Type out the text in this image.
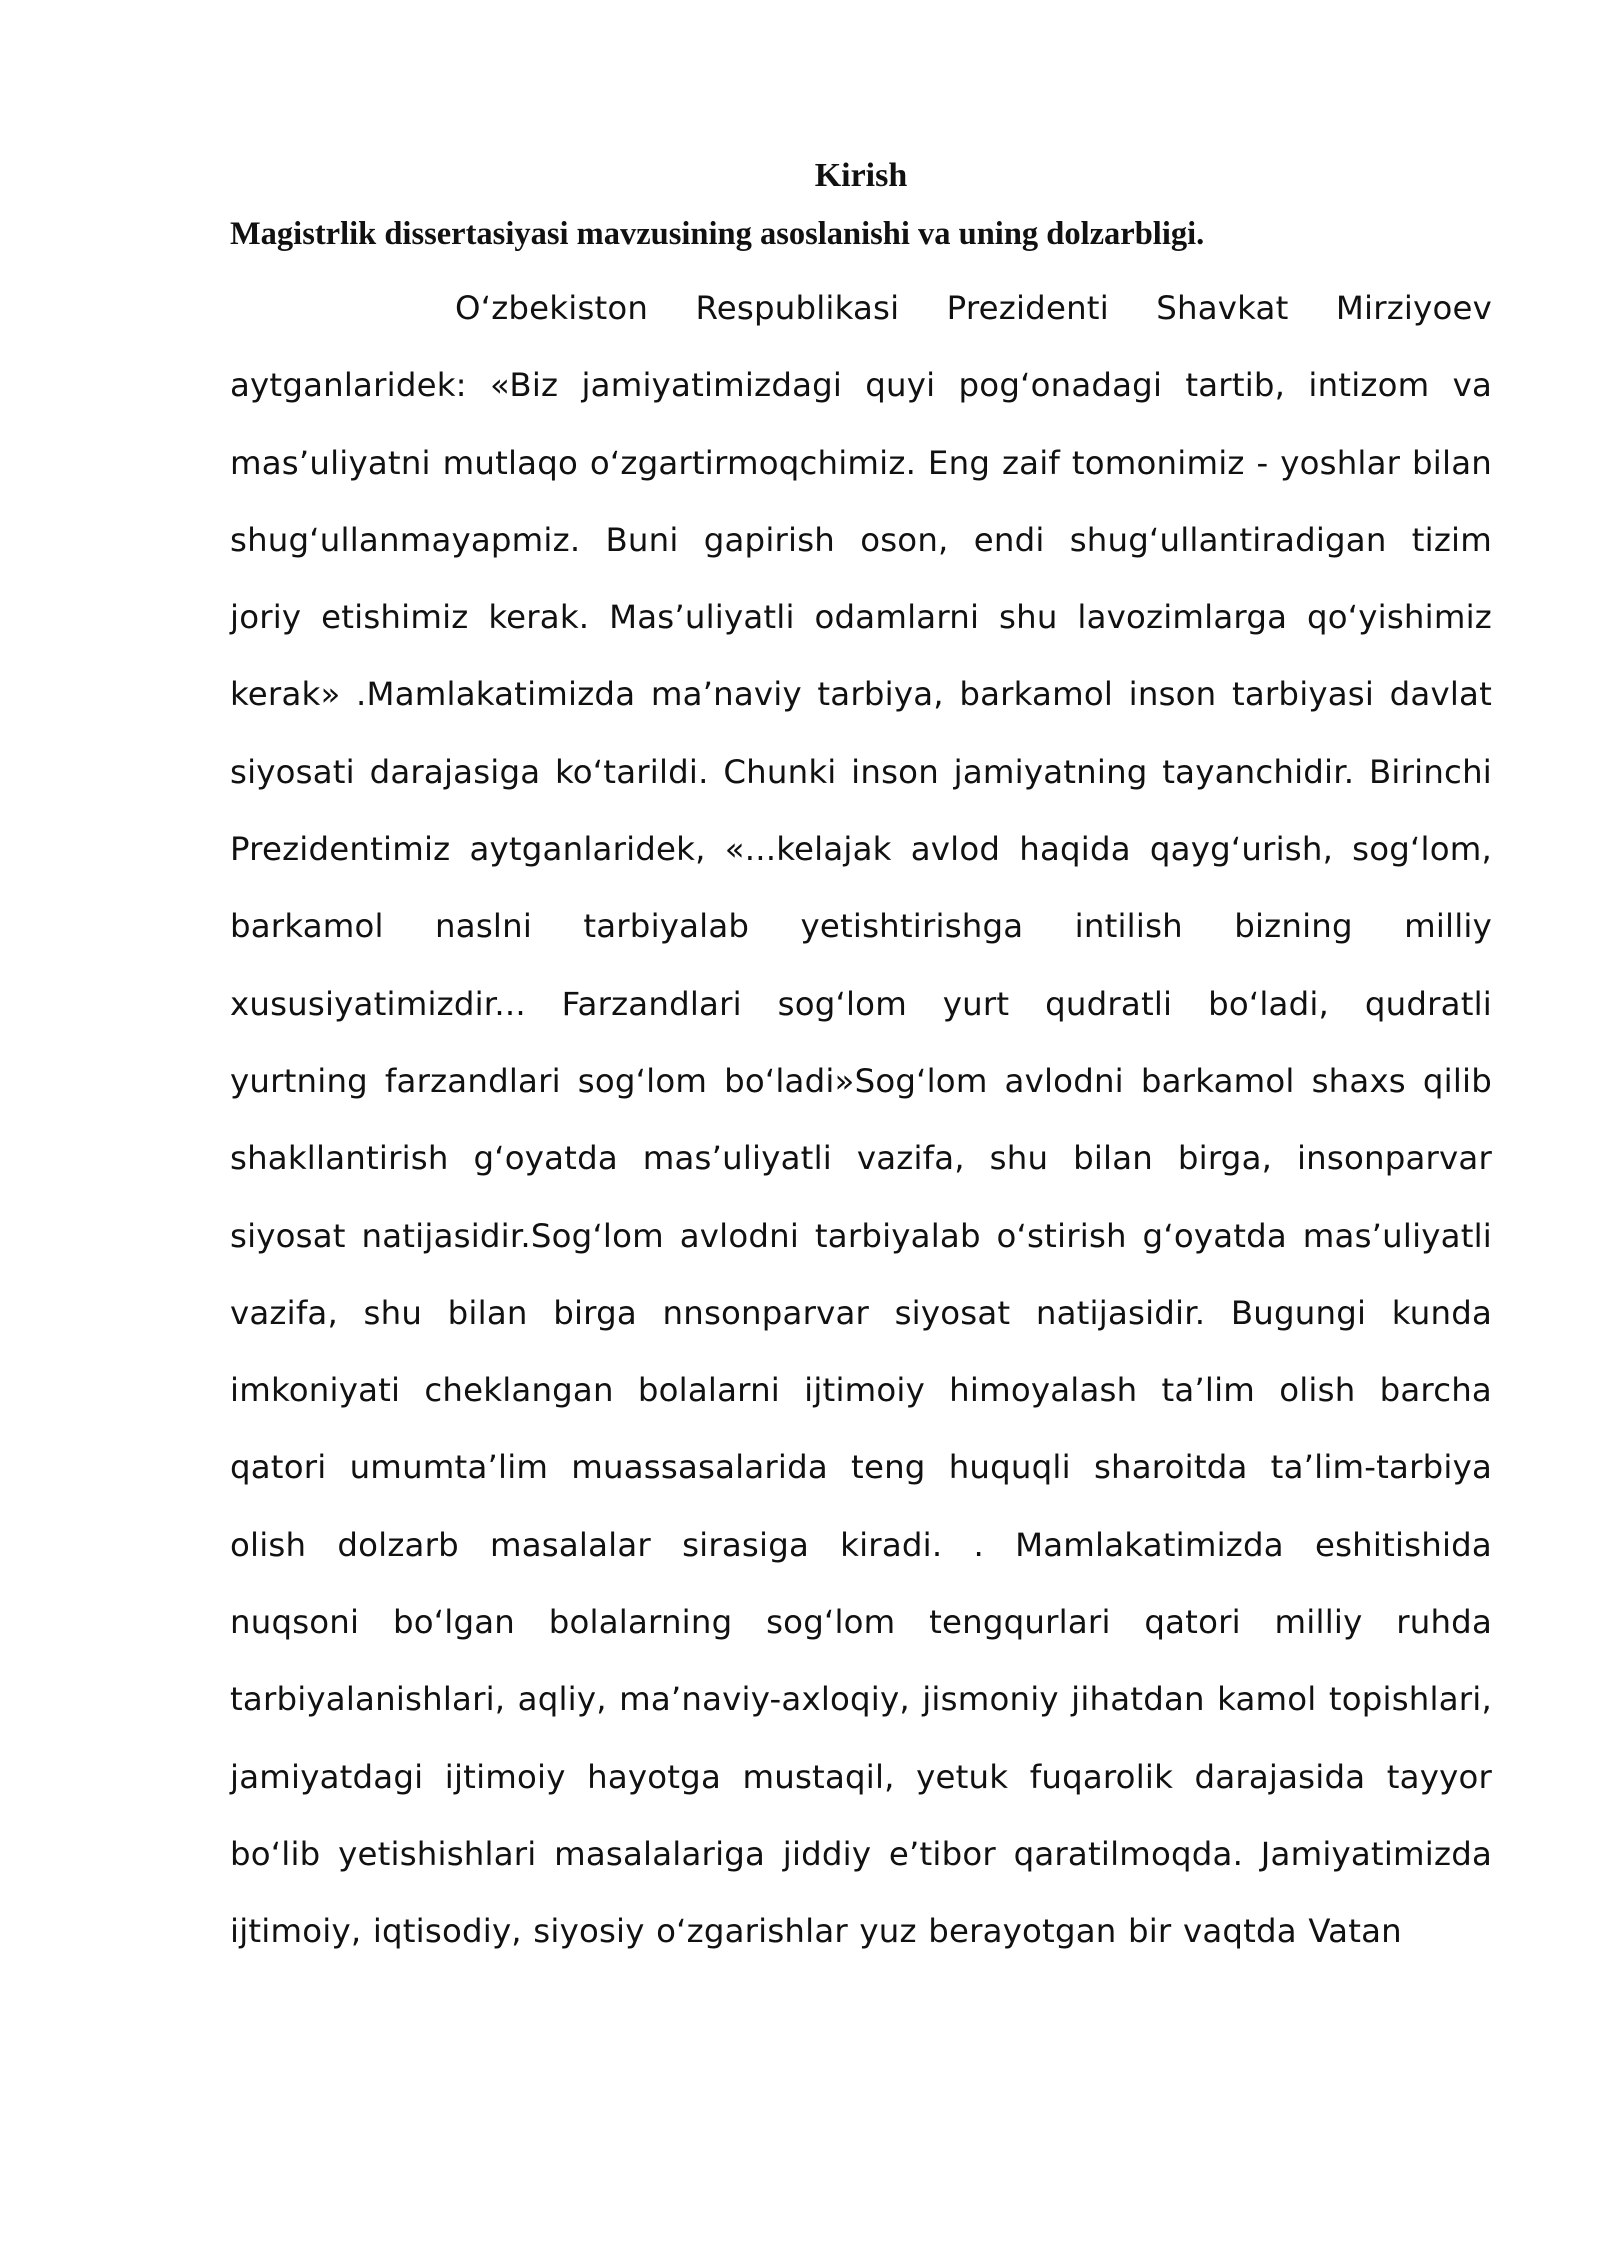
Kirish
Magistrlik dissertasiyasi mavzusining asoslanishi va uning dolzarbligi.

O‘zbekiston Respublikasi Prezidenti Shavkat Mirziyoev aytganlaridek: «Biz jamiyatimizdagi quyi pog‘onadagi tartib, intizom va mas’uliyatni mutlaqo o‘zgartirmoqchimiz. Eng zaif tomonimiz - yoshlar bilan shug‘ullanmayapmiz. Buni gapirish oson, endi shug‘ullantiradigan tizim joriy etishimiz kerak. Mas’uliyatli odamlarni shu lavozimlarga qo‘yishimiz kerak» .Mamlakatimizda ma’naviy tarbiya, barkamol inson tarbiyasi davlat siyosati darajasiga ko‘tarildi. Chunki inson jamiyatning tayanchidir. Birinchi Prezidentimiz aytganlaridek, «...kelajak avlod haqida qayg‘urish, sog‘lom, barkamol naslni tarbiyalab yetishtirishga intilish bizning milliy xususiyatimizdir... Farzandlari sog‘lom yurt qudratli bo‘ladi, qudratli yurtning farzandlari sog‘lom bo‘ladi»Sog‘lom avlodni barkamol shaxs qilib shakllantirish g‘oyatda mas’uliyatli vazifa, shu bilan birga, insonparvar siyosat natijasidir.Sog‘lom avlodni tarbiyalab o‘stirish g‘oyatda mas’uliyatli vazifa, shu bilan birga nnsonparvar siyosat natijasidir. Bugungi kunda imkoniyati cheklangan bolalarni ijtimoiy himoyalash ta’lim olish barcha qatori umumta’lim muassasalarida teng huquqli sharoitda ta’lim-tarbiya olish dolzarb masalalar sirasiga kiradi. . Mamlakatimizda eshitishida nuqsoni bo‘lgan bolalarning sog‘lom tengqurlari qatori milliy ruhda tarbiyalanishlari, aqliy, ma’naviy-axloqiy, jismoniy jihatdan kamol topishlari, jamiyatdagi ijtimoiy hayotga mustaqil, yetuk fuqarolik darajasida tayyor bo‘lib yetishishlari masalalariga jiddiy e’tibor qaratilmoqda. Jamiyatimizda ijtimoiy, iqtisodiy, siyosiy o‘zgarishlar yuz berayotgan bir vaqtda Vatan
